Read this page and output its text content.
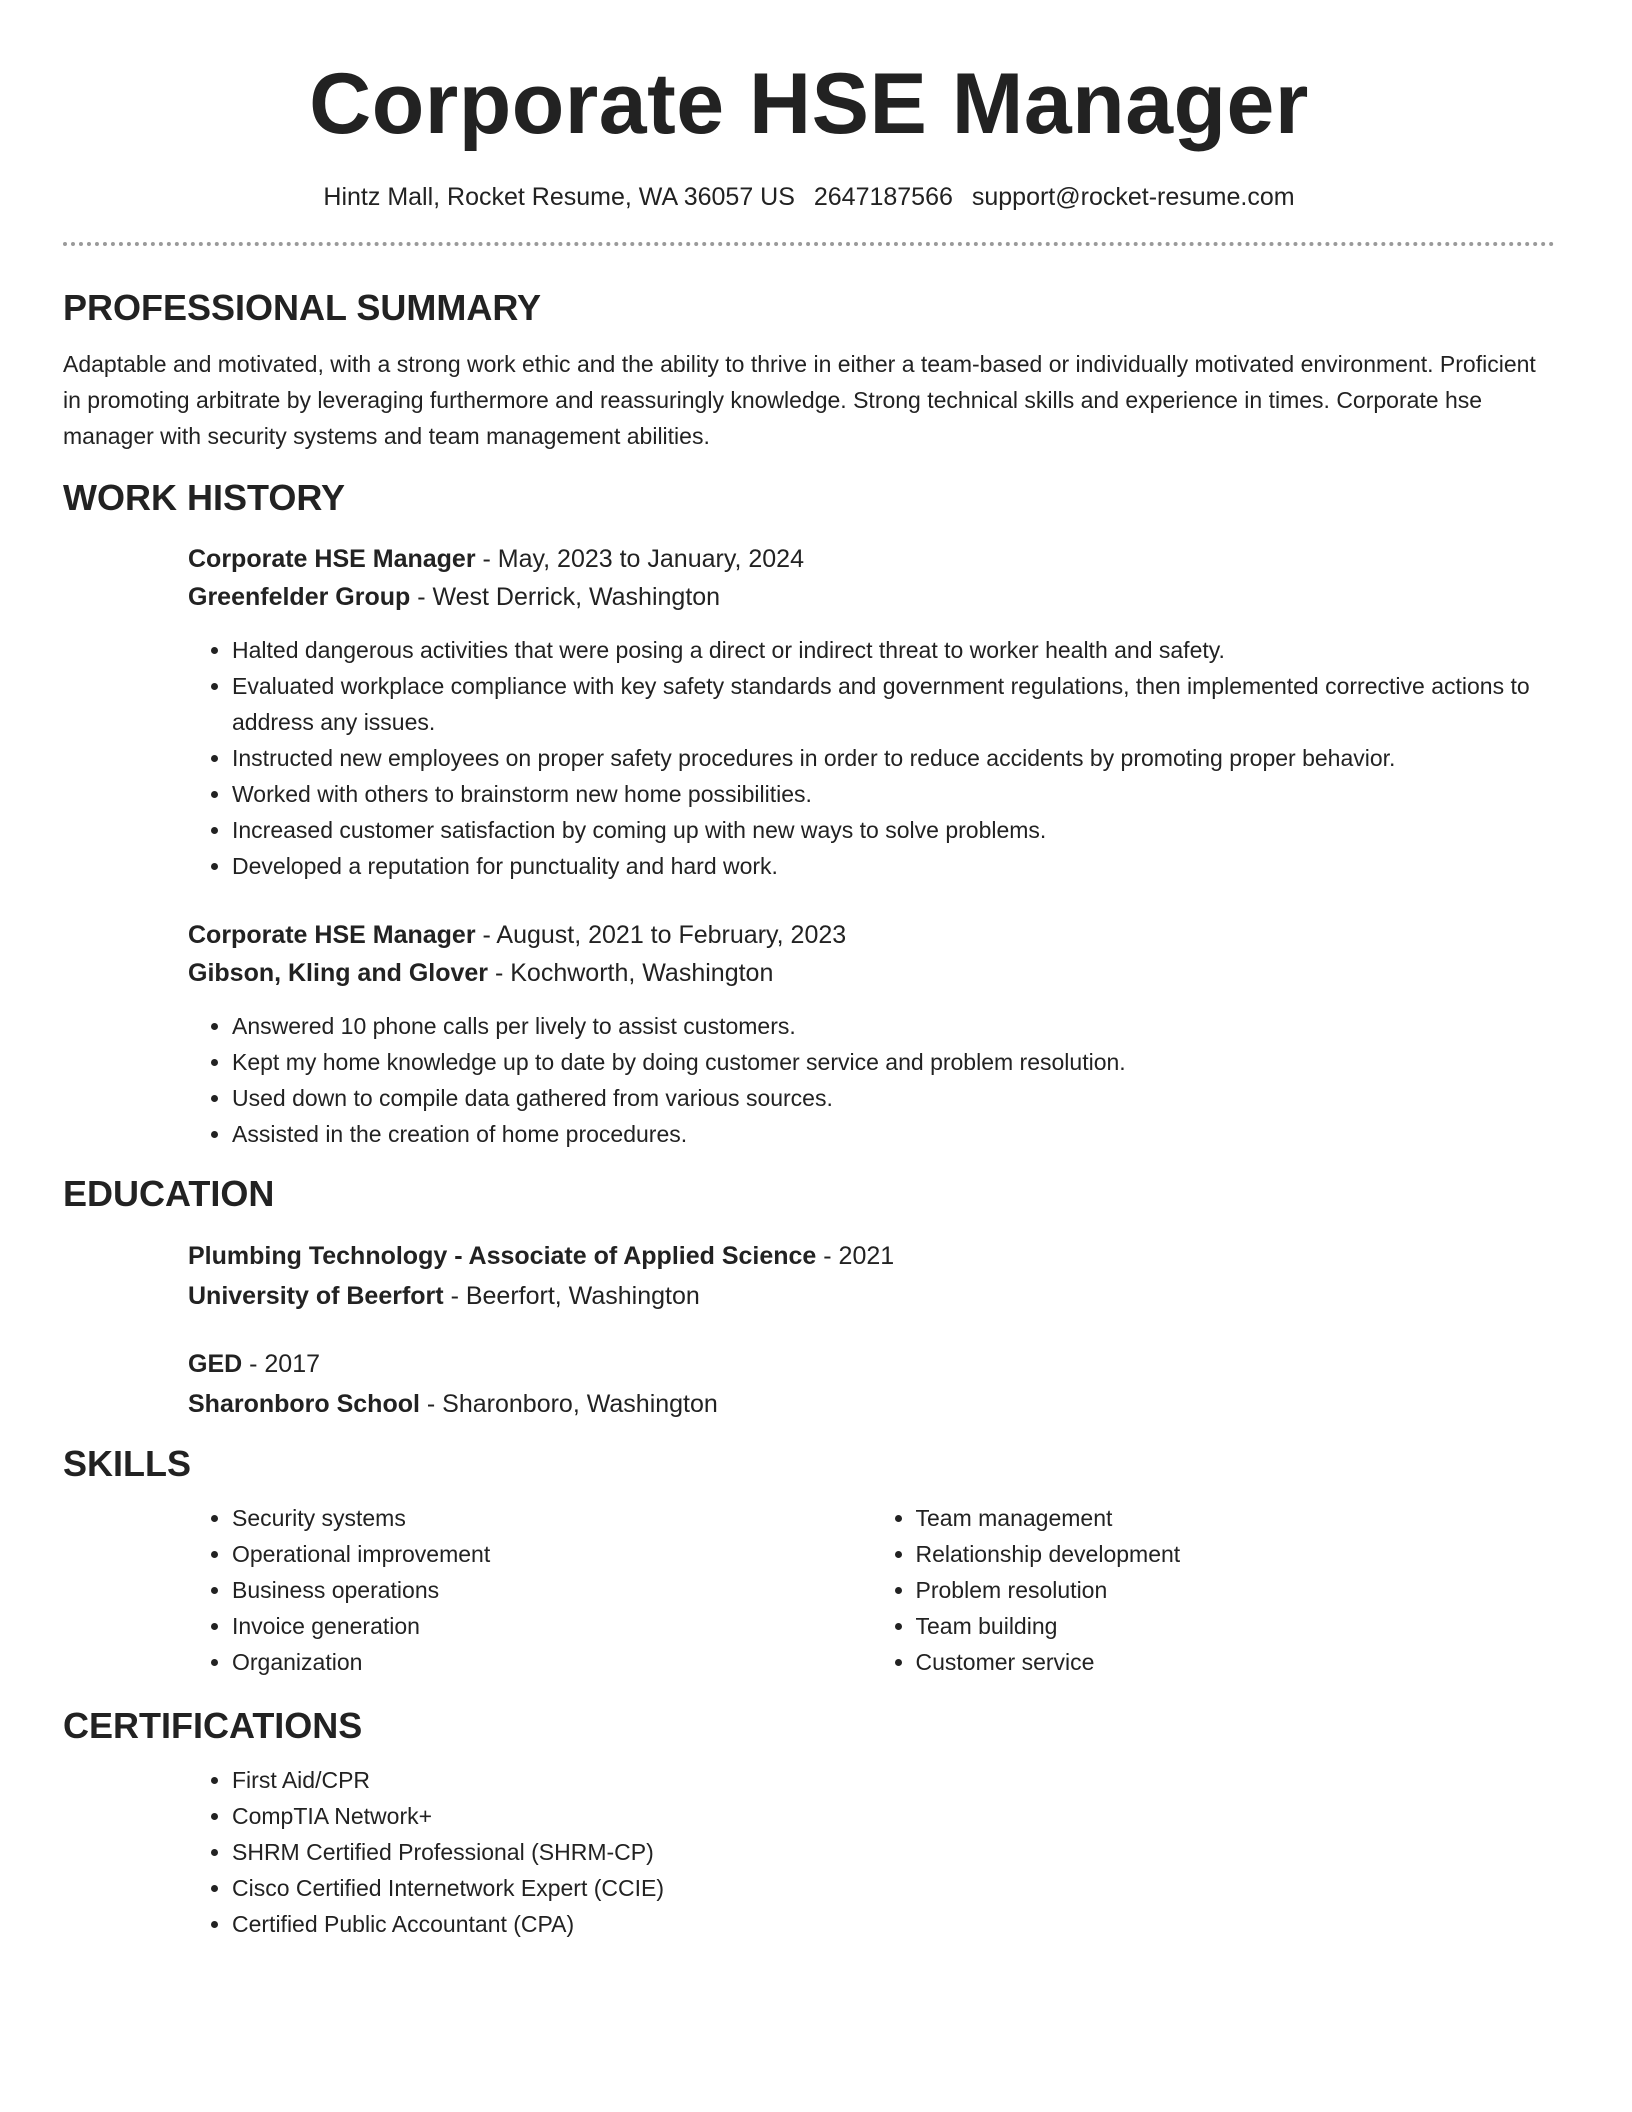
Corporate HSE Manager
Hintz Mall, Rocket Resume, WA 36057 US 2647187566 support@rocket-resume.com
PROFESSIONAL SUMMARY

Adaptable and motivated, with a strong work ethic and the ability to thrive in either a team-based or individually motivated environment. Proficient in promoting arbitrate by leveraging furthermore and reassuringly knowledge. Strong technical skills and experience in times. Corporate hse manager with security systems and team management abilities.

WORK HISTORY
Corporate HSE Manager - May, 2023 to January, 2024
Greenfelder Group - West Derrick, Washington
• Halted dangerous activities that were posing a direct or indirect threat to worker health and safety.
• Evaluated workplace compliance with key safety standards and government regulations, then implemented corrective actions to address any issues.
• Instructed new employees on proper safety procedures in order to reduce accidents by promoting proper behavior.
• Worked with others to brainstorm new home possibilities.
• Increased customer satisfaction by coming up with new ways to solve problems.
• Developed a reputation for punctuality and hard work.
Corporate HSE Manager - August, 2021 to February, 2023
Gibson, Kling and Glover - Kochworth, Washington
• Answered 10 phone calls per lively to assist customers.
• Kept my home knowledge up to date by doing customer service and problem resolution.
• Used down to compile data gathered from various sources.
• Assisted in the creation of home procedures.
EDUCATION
Plumbing Technology - Associate of Applied Science - 2021
University of Beerfort - Beerfort, Washington
GED - 2017
Sharonboro School - Sharonboro, Washington
SKILLS
• Security systems
• Operational improvement
• Business operations
• Invoice generation
• Organization
• Team management
• Relationship development
• Problem resolution
• Team building
• Customer service
CERTIFICATIONS
• First Aid/CPR
• CompTIA Network+
• SHRM Certified Professional (SHRM-CP)
• Cisco Certified Internetwork Expert (CCIE)
• Certified Public Accountant (CPA)
